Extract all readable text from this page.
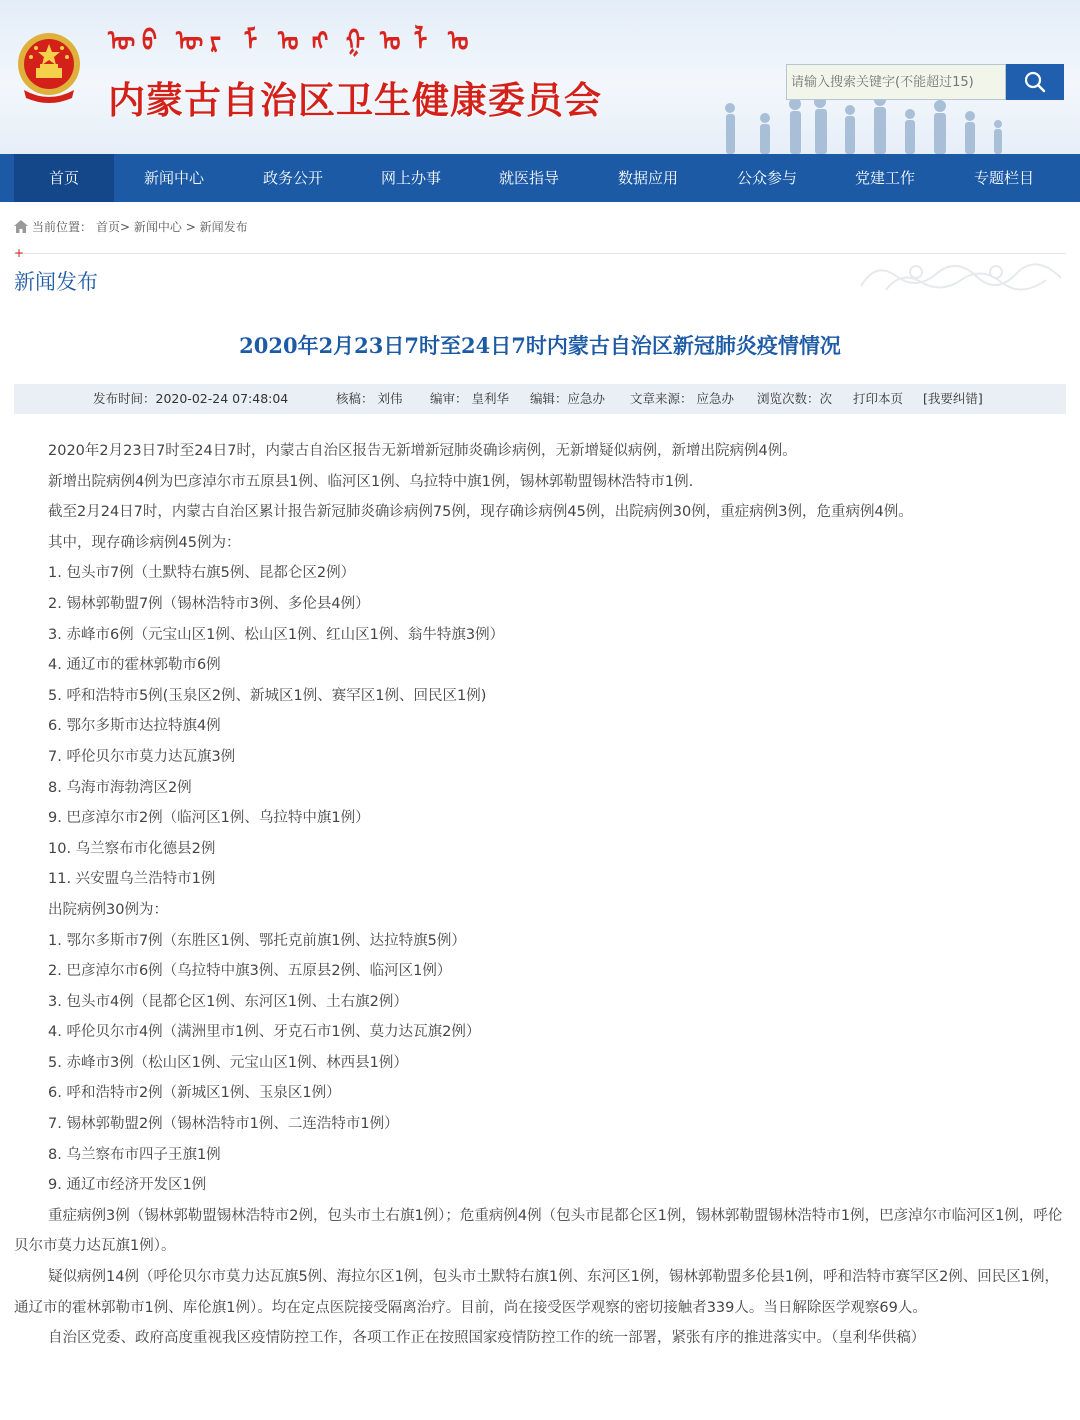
ᠦ ᠪ ᠦ ᠷ ᠮ ᠣ ᠩ ᠭ ᠣ ᠯ ᠤ
内蒙古自治区卫生健康委员会
请输入搜索关键字(不能超过15)
首页	新闻中心	政务公开	网上办事	就医指导	数据应用	公众参与	党建工作	专题栏目
当前位置： 首页> 新闻中心 > 新闻发布
+
新闻发布
2020年2月23日7时至24日7时内蒙古自治区新冠肺炎疫情情况
发布时间：2020-02-24 07:48:04	核稿： 刘伟 编审： 皇利华 编辑：应急办 文章来源： 应急办 浏览次数：次 打印本页 [我要纠错]

2020年2月23日7时至24日7时，内蒙古自治区报告无新增新冠肺炎确诊病例，无新增疑似病例，新增出院病例4例。

新增出院病例4例为巴彦淖尔市五原县1例、临河区1例、乌拉特中旗1例，锡林郭勒盟锡林浩特市1例.

截至2月24日7时，内蒙古自治区累计报告新冠肺炎确诊病例75例，现存确诊病例45例，出院病例30例，重症病例3例，危重病例4例。

其中，现存确诊病例45例为：

1. 包头市7例（土默特右旗5例、昆都仑区2例）

2. 锡林郭勒盟7例（锡林浩特市3例、多伦县4例）

3. 赤峰市6例（元宝山区1例、松山区1例、红山区1例、翁牛特旗3例）

4. 通辽市的霍林郭勒市6例

5. 呼和浩特市5例(玉泉区2例、新城区1例、赛罕区1例、回民区1例)

6. 鄂尔多斯市达拉特旗4例

7. 呼伦贝尔市莫力达瓦旗3例

8. 乌海市海勃湾区2例

9. 巴彦淖尔市2例（临河区1例、乌拉特中旗1例）

10. 乌兰察布市化德县2例

11. 兴安盟乌兰浩特市1例

出院病例30例为：

1. 鄂尔多斯市7例（东胜区1例、鄂托克前旗1例、达拉特旗5例）

2. 巴彦淖尔市6例（乌拉特中旗3例、五原县2例、临河区1例）

3. 包头市4例（昆都仑区1例、东河区1例、土右旗2例）

4. 呼伦贝尔市4例（满洲里市1例、牙克石市1例、莫力达瓦旗2例）

5. 赤峰市3例（松山区1例、元宝山区1例、林西县1例）

6. 呼和浩特市2例（新城区1例、玉泉区1例）

7. 锡林郭勒盟2例（锡林浩特市1例、二连浩特市1例）

8. 乌兰察布市四子王旗1例

9. 通辽市经济开发区1例

重症病例3例（锡林郭勒盟锡林浩特市2例，包头市土右旗1例）；危重病例4例（包头市昆都仑区1例，锡林郭勒盟锡林浩特市1例，巴彦淖尔市临河区1例，呼伦贝尔市莫力达瓦旗1例）。

疑似病例14例（呼伦贝尔市莫力达瓦旗5例、海拉尔区1例，包头市土默特右旗1例、东河区1例，锡林郭勒盟多伦县1例，呼和浩特市赛罕区2例、回民区1例，通辽市的霍林郭勒市1例、库伦旗1例）。均在定点医院接受隔离治疗。目前，尚在接受医学观察的密切接触者339人。当日解除医学观察69人。

自治区党委、政府高度重视我区疫情防控工作，各项工作正在按照国家疫情防控工作的统一部署，紧张有序的推进落实中。（皇利华供稿）
